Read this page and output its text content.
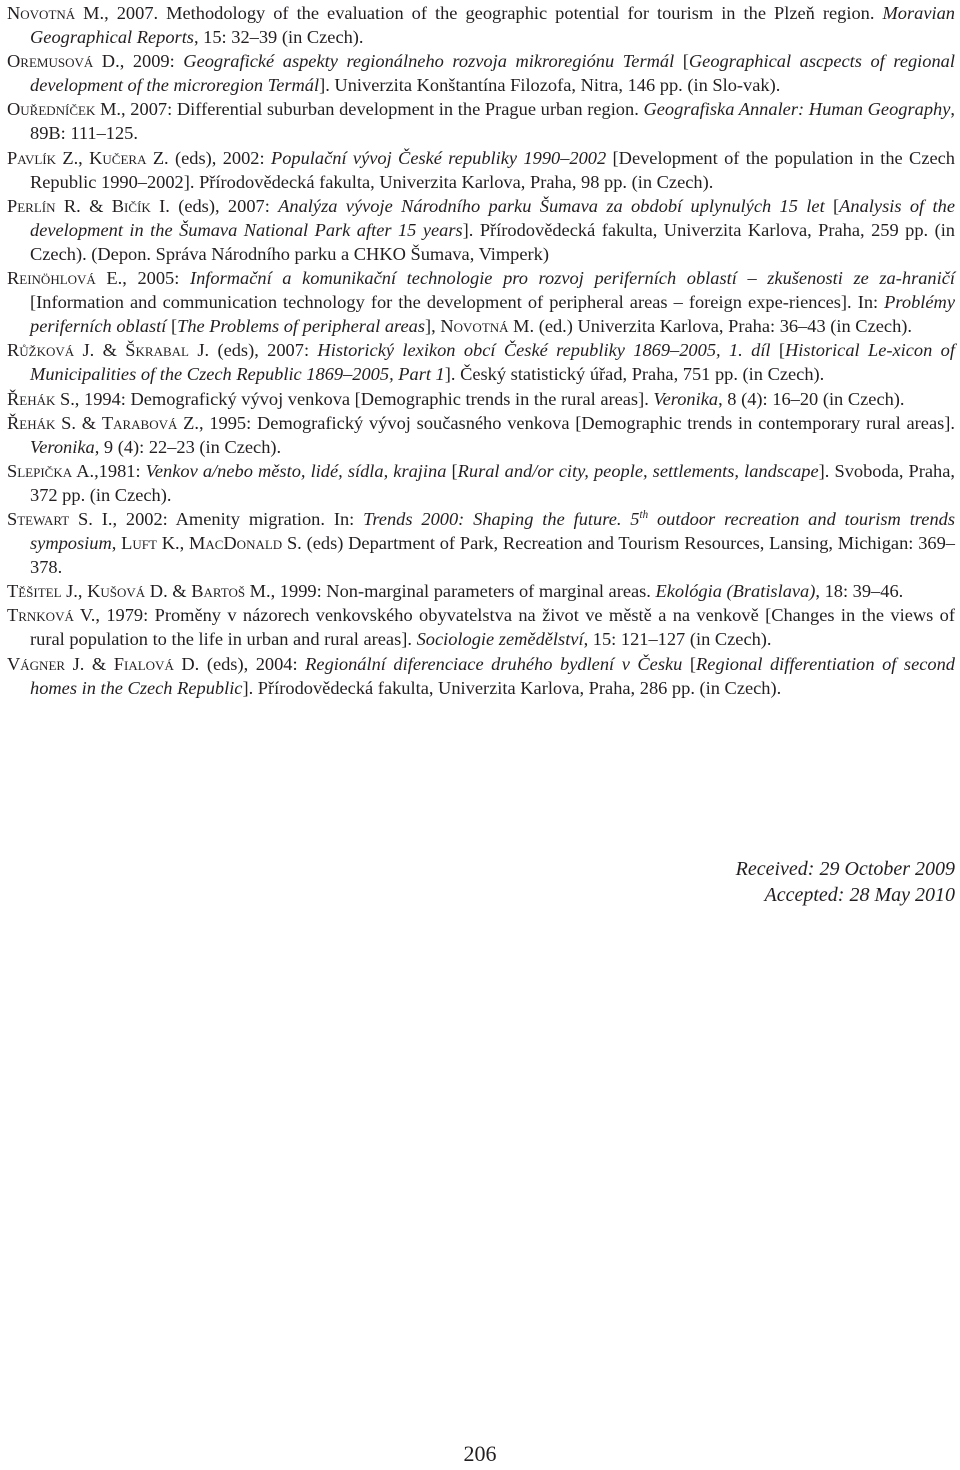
Novotná M., 2007. Methodology of the evaluation of the geographic potential for tourism in the Plzeň region. Moravian Geographical Reports, 15: 32–39 (in Czech).

Oremusová D., 2009: Geografické aspekty regionálneho rozvoja mikroregiónu Termál [Geographical ascpects of regional development of the microregion Termál]. Univerzita Konštantína Filozofa, Nitra, 146 pp. (in Slo-vak).

Ouředníček M., 2007: Differential suburban development in the Prague urban region. Geografiska Annaler: Human Geography, 89B: 111–125.

Pavlík Z., Kučera Z. (eds), 2002: Populační vývoj České republiky 1990–2002 [Development of the population in the Czech Republic 1990–2002]. Přírodovědecká fakulta, Univerzita Karlova, Praha, 98 pp. (in Czech).

Perlín R. & Bičík I. (eds), 2007: Analýza vývoje Národního parku Šumava za období uplynulých 15 let [Analysis of the development in the Šumava National Park after 15 years]. Přírodovědecká fakulta, Univerzita Karlova, Praha, 259 pp. (in Czech). (Depon. Správa Národního parku a CHKO Šumava, Vimperk)

Reinöhlová E., 2005: Informační a komunikační technologie pro rozvoj periferních oblastí – zkušenosti ze za-hraničí [Information and communication technology for the development of peripheral areas – foreign expe-riences]. In: Problémy periferních oblastí [The Problems of peripheral areas], Novotná M. (ed.) Univerzita Karlova, Praha: 36–43 (in Czech).

Růžková J. & Škrabal J. (eds), 2007: Historický lexikon obcí České republiky 1869–2005, 1. díl [Historical Le-xicon of Municipalities of the Czech Republic 1869–2005, Part 1]. Český statistický úřad, Praha, 751 pp. (in Czech).

Řehák S., 1994: Demografický vývoj venkova [Demographic trends in the rural areas]. Veronika, 8 (4): 16–20 (in Czech).

Řehák S. & Tarabová Z., 1995: Demografický vývoj současného venkova [Demographic trends in contemporary rural areas]. Veronika, 9 (4): 22–23 (in Czech).

Slepička A.,1981: Venkov a/nebo město, lidé, sídla, krajina [Rural and/or city, people, settlements, landscape]. Svoboda, Praha, 372 pp. (in Czech).

Stewart S. I., 2002: Amenity migration. In: Trends 2000: Shaping the future. 5th outdoor recreation and tourism trends symposium, Luft K., MacDonald S. (eds) Department of Park, Recreation and Tourism Resources, Lansing, Michigan: 369–378.

Těšitel J., Kušová D. & Bartoš M., 1999: Non-marginal parameters of marginal areas. Ekológia (Bratislava), 18: 39–46.

Trnková V., 1979: Proměny v názorech venkovského obyvatelstva na život ve městě a na venkově [Changes in the views of rural population to the life in urban and rural areas]. Sociologie zemědělství, 15: 121–127 (in Czech).

Vágner J. & Fialová D. (eds), 2004: Regionální diferenciace druhého bydlení v Česku [Regional differentiation of second homes in the Czech Republic]. Přírodovědecká fakulta, Univerzita Karlova, Praha, 286 pp. (in Czech).

Received: 29 October 2009
Accepted: 28 May 2010
206
